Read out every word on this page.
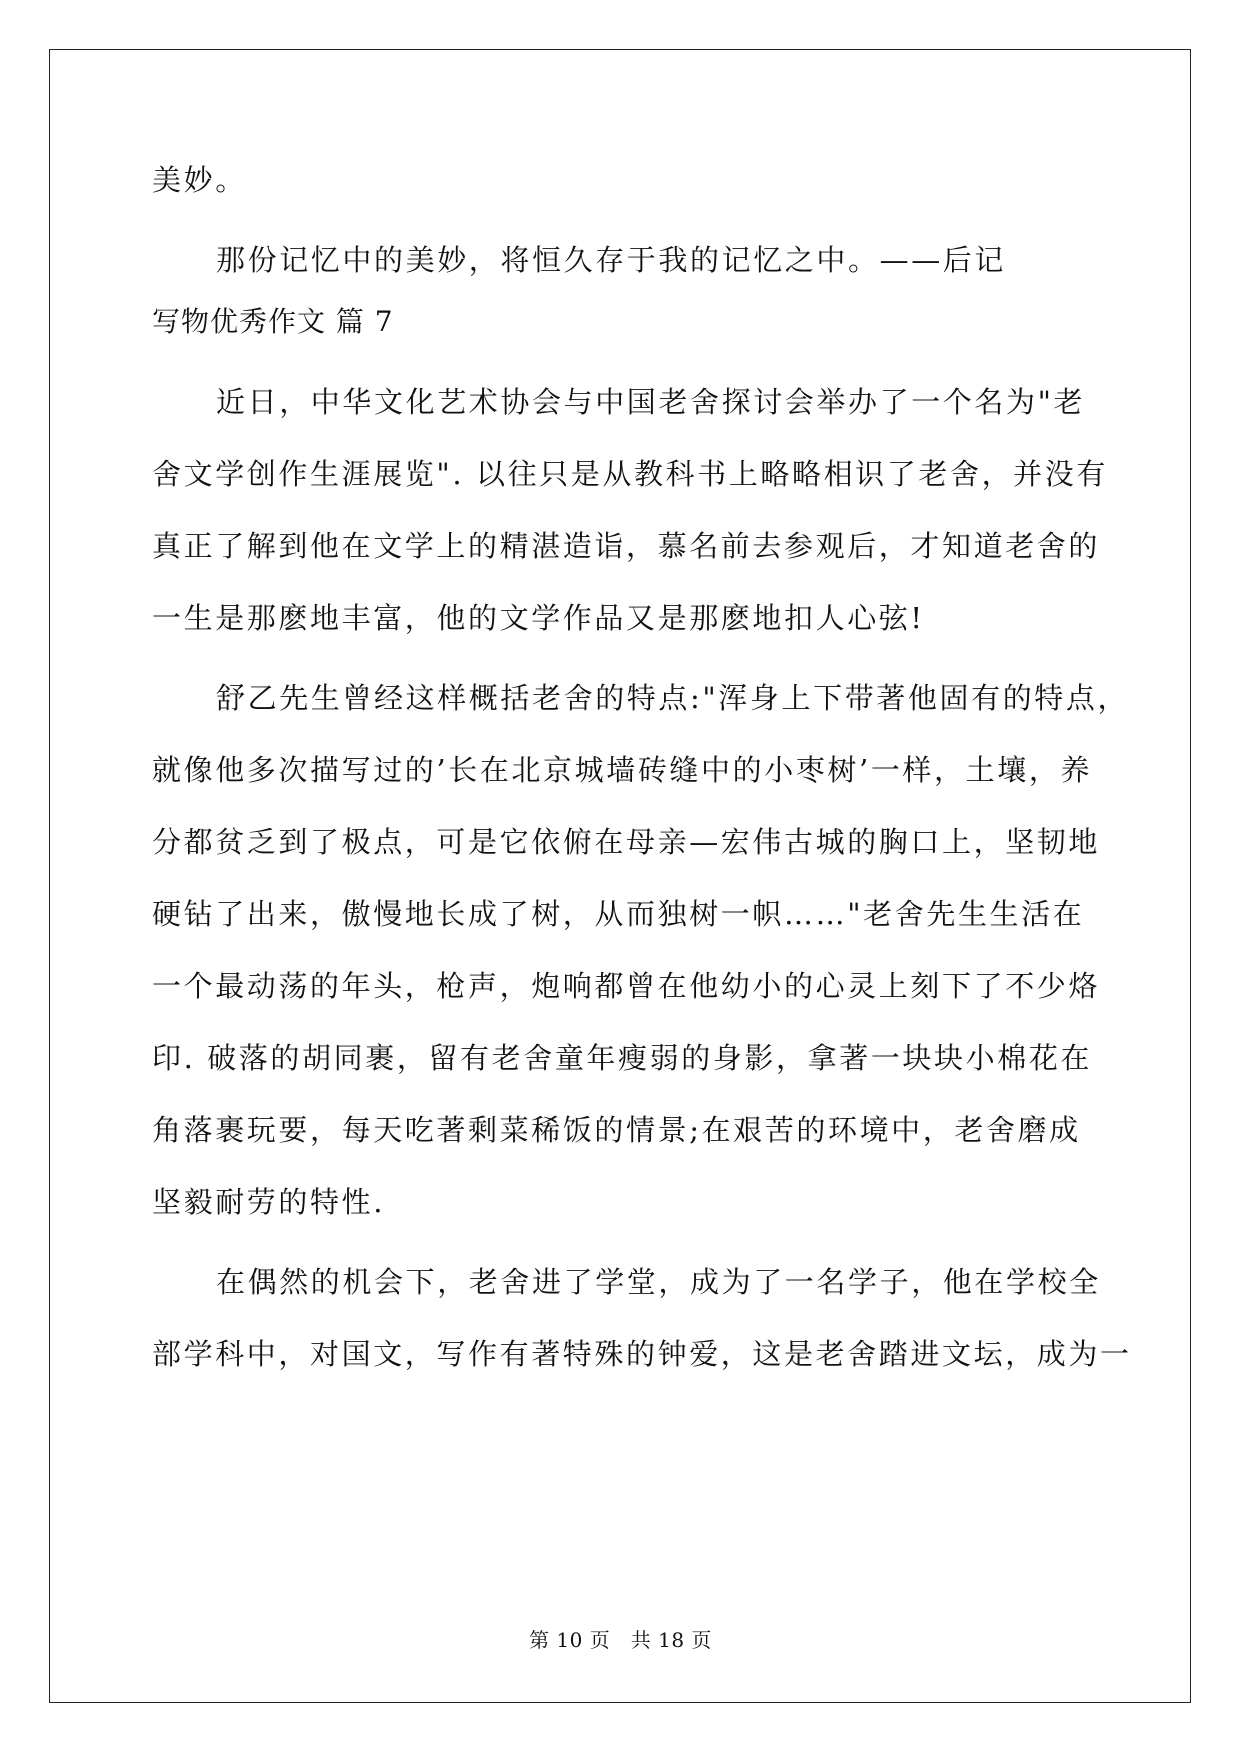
美妙。
那份记忆中的美妙，将恒久存于我的记忆之中。——后记
写物优秀作文 篇 7
近日，中华文化艺术协会与中国老舍探讨会举办了一个名为"老
舍文学创作生涯展览". 以往只是从教科书上略略相识了老舍，并没有
真正了解到他在文学上的精湛造诣，慕名前去参观后，才知道老舍的
一生是那麽地丰富，他的文学作品又是那麽地扣人心弦!
舒乙先生曾经这样概括老舍的特点:"浑身上下带著他固有的特点，
就像他多次描写过的’长在北京城墙砖缝中的小枣树’一样，土壤，养
分都贫乏到了极点，可是它依俯在母亲—宏伟古城的胸口上，坚韧地
硬钻了出来，傲慢地长成了树，从而独树一帜……"老舍先生生活在
一个最动荡的年头，枪声，炮响都曾在他幼小的心灵上刻下了不少烙
印. 破落的胡同裹，留有老舍童年瘦弱的身影，拿著一块块小棉花在
角落裹玩要，每天吃著剩菜稀饭的情景;在艰苦的环境中，老舍磨成
坚毅耐劳的特性.
在偶然的机会下，老舍进了学堂，成为了一名学子，他在学校全
部学科中，对国文，写作有著特殊的钟爱，这是老舍踏进文坛，成为一
第 10 页　共 18 页
